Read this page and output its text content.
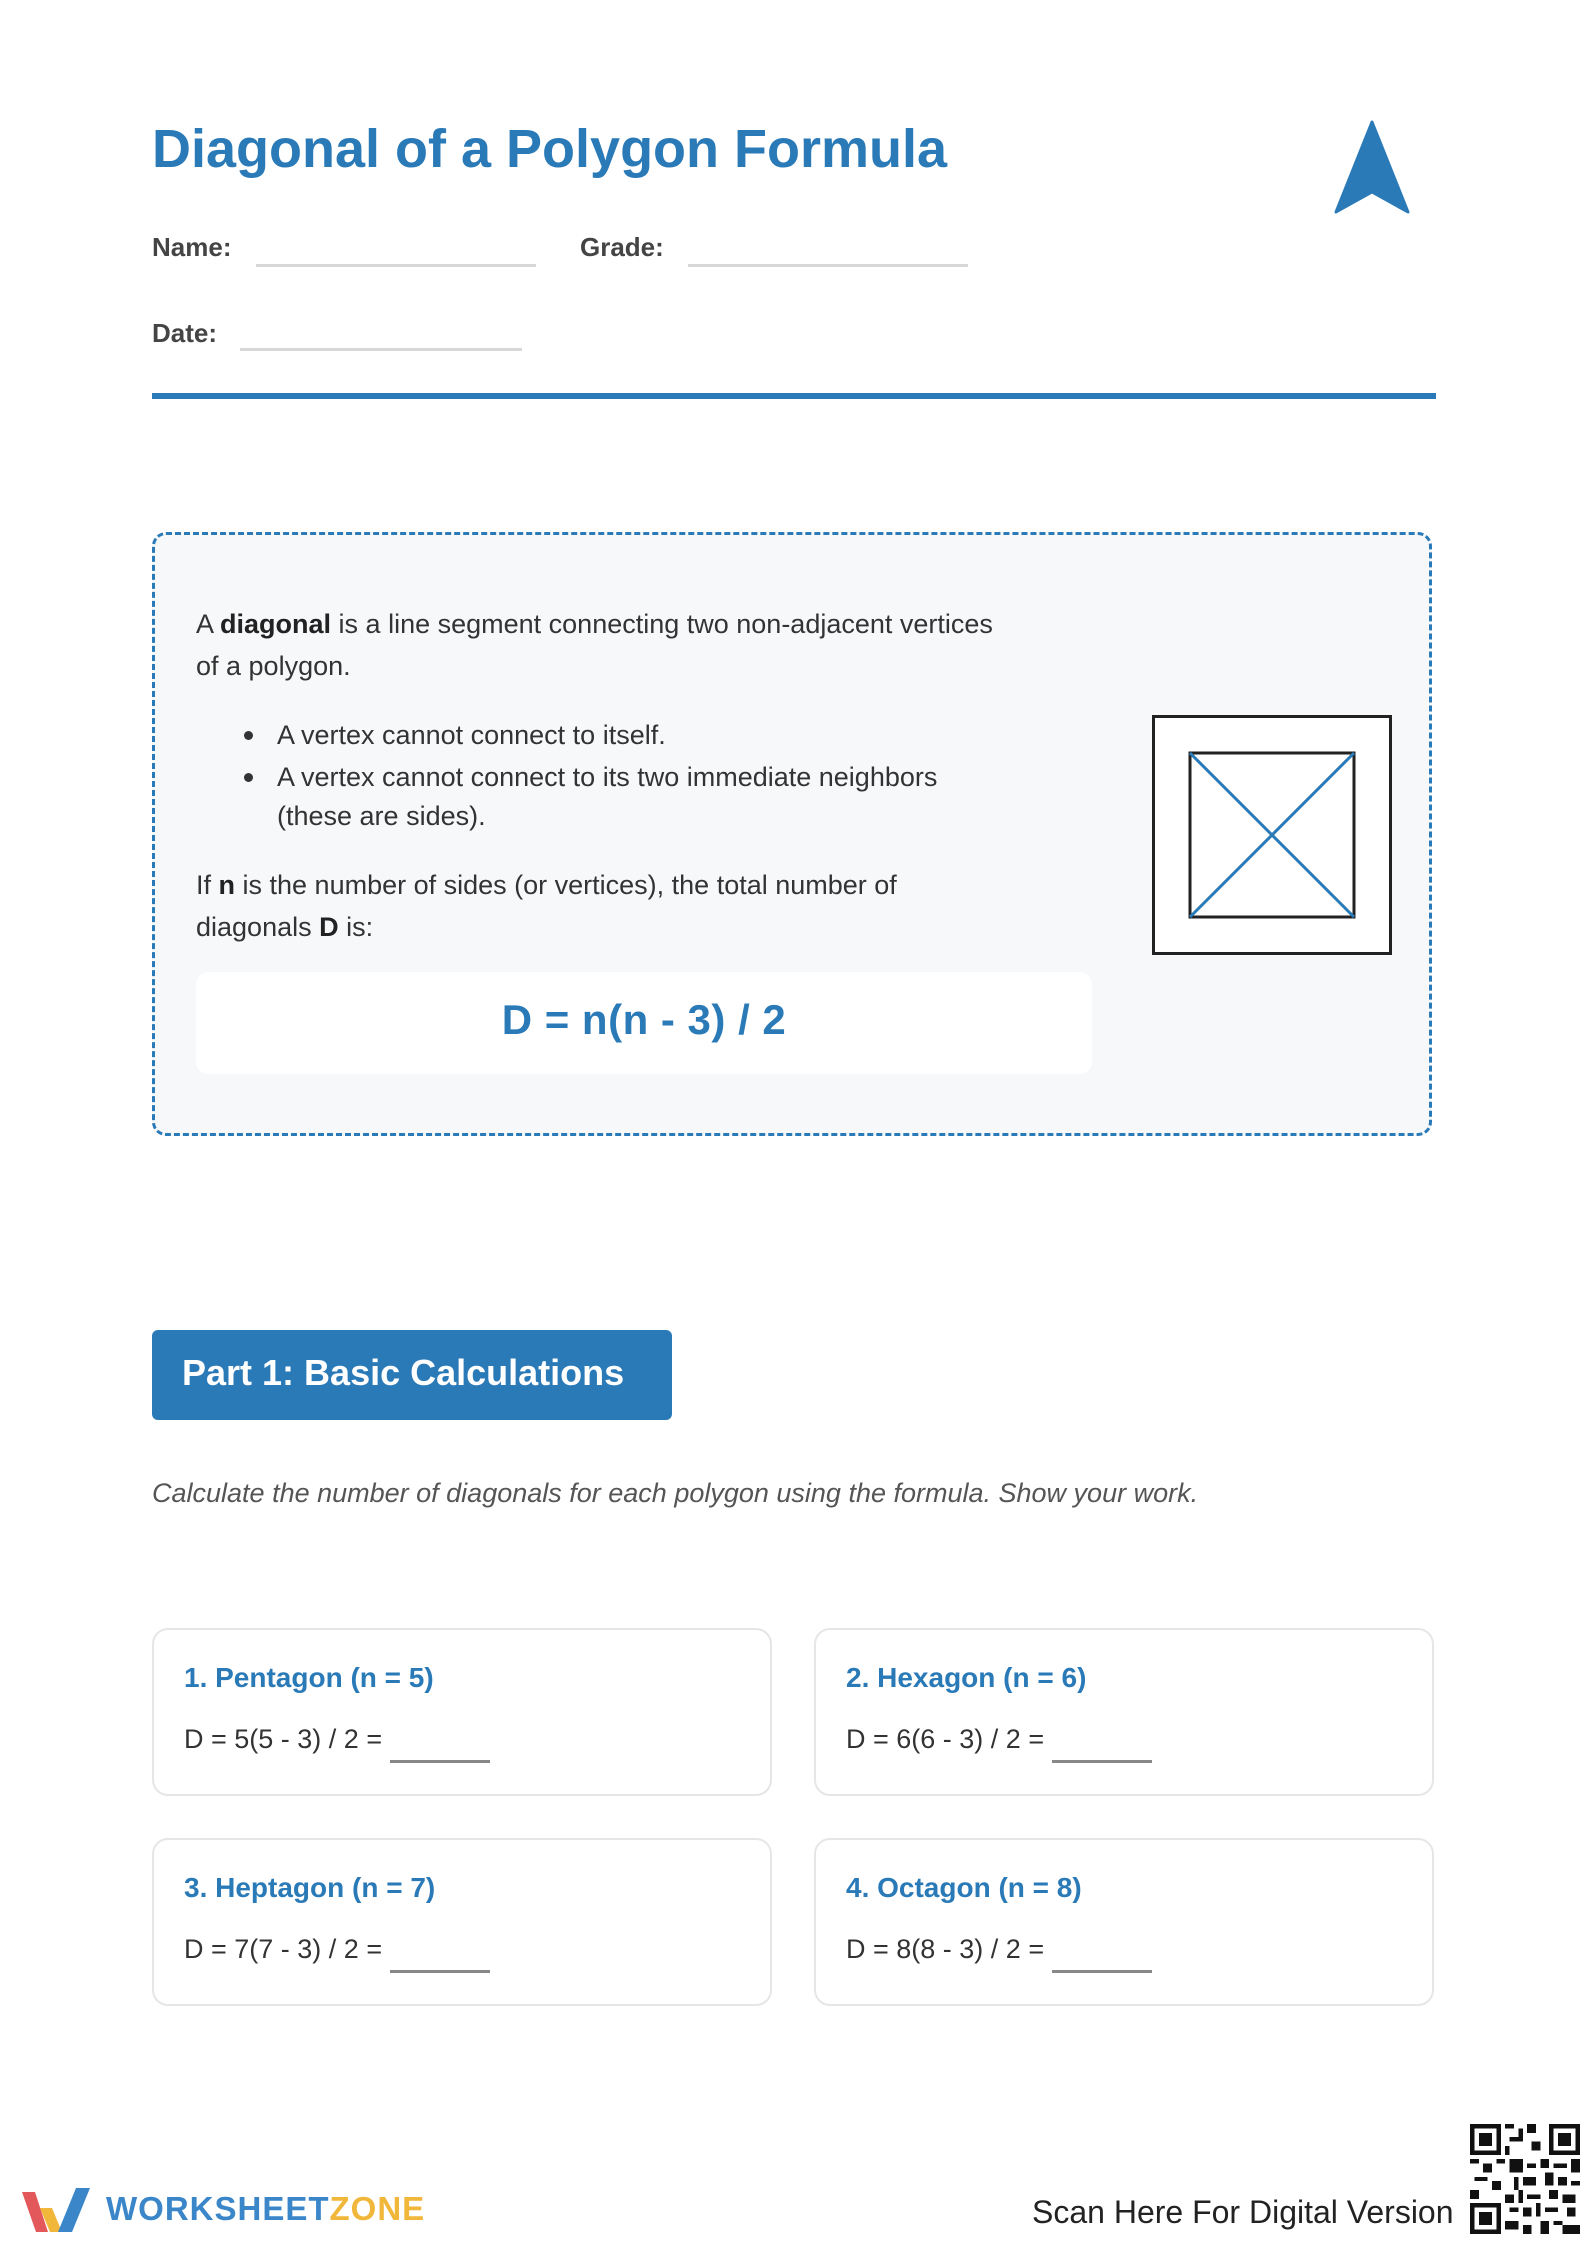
Diagonal of a Polygon Formula
Name:	Grade:
Date:
A diagonal is a line segment connecting two non-adjacent vertices
of a polygon.
A vertex cannot connect to itself.
A vertex cannot connect to its two immediate neighbors
(these are sides).
If n is the number of sides (or vertices), the total number of
diagonals D is:
D = n(n - 3) / 2
Part 1: Basic Calculations
Calculate the number of diagonals for each polygon using the formula. Show your work.
1. Pentagon (n = 5)
D = 5(5 - 3) / 2 =
2. Hexagon (n = 6)
D = 6(6 - 3) / 2 =
3. Heptagon (n = 7)
D = 7(7 - 3) / 2 =
4. Octagon (n = 8)
D = 8(8 - 3) / 2 =
WORKSHEETZONE	Scan Here For Digital Version
